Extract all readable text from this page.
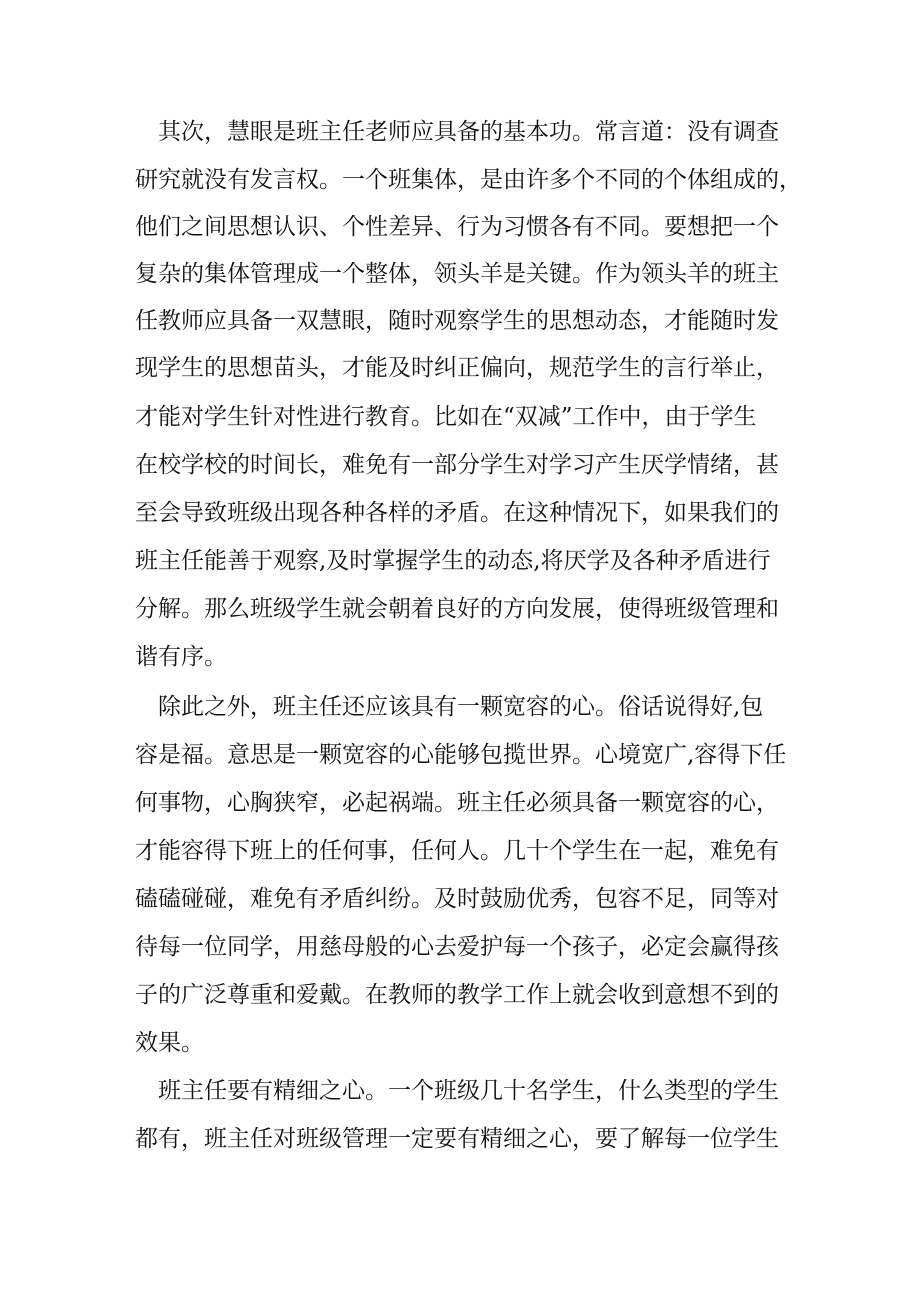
其次，慧眼是班主任老师应具备的基本功。常言道：没有调查
研究就没有发言权。一个班集体，是由许多个不同的个体组成的，
他们之间思想认识、个性差异、行为习惯各有不同。要想把一个
复杂的集体管理成一个整体，领头羊是关键。作为领头羊的班主
任教师应具备一双慧眼，随时观察学生的思想动态，才能随时发
现学生的思想苗头，才能及时纠正偏向，规范学生的言行举止，
才能对学生针对性进行教育。比如在“双减”工作中，由于学生
在校学校的时间长，难免有一部分学生对学习产生厌学情绪，甚
至会导致班级出现各种各样的矛盾。在这种情况下，如果我们的
班主任能善于观察,及时掌握学生的动态,将厌学及各种矛盾进行
分解。那么班级学生就会朝着良好的方向发展，使得班级管理和
谐有序。
除此之外，班主任还应该具有一颗宽容的心。俗话说得好,包
容是福。意思是一颗宽容的心能够包揽世界。心境宽广,容得下任
何事物，心胸狭窄，必起祸端。班主任必须具备一颗宽容的心，
才能容得下班上的任何事，任何人。几十个学生在一起，难免有
磕磕碰碰，难免有矛盾纠纷。及时鼓励优秀，包容不足，同等对
待每一位同学，用慈母般的心去爱护每一个孩子，必定会赢得孩
子的广泛尊重和爱戴。在教师的教学工作上就会收到意想不到的
效果。
班主任要有精细之心。一个班级几十名学生，什么类型的学生
都有，班主任对班级管理一定要有精细之心，要了解每一位学生
